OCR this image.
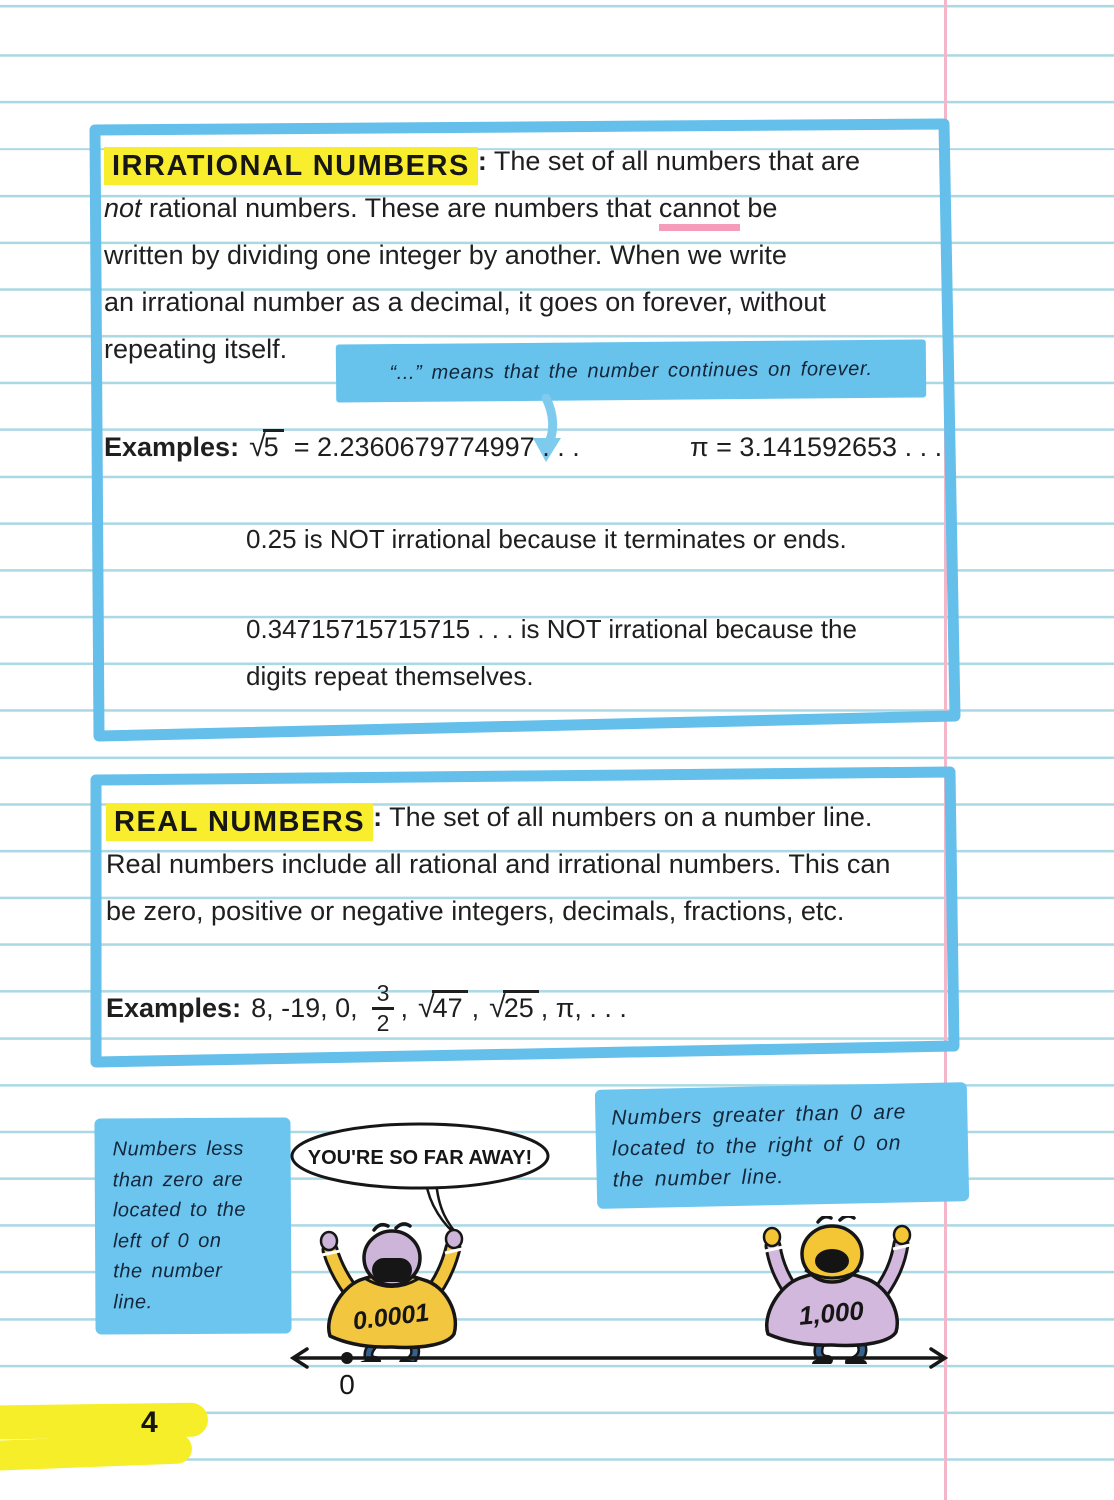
IRRATIONAL NUMBERS : The set of all numbers that are
not rational numbers. These are numbers that cannot be
written by dividing one integer by another. When we write
an irrational number as a decimal, it goes on forever, without
repeating itself.
“...” means that the number continues on forever.
Examples: √5 = 2.2360679774997 . . .	π = 3.141592653 . . .
0.25 is NOT irrational because it terminates or ends.
0.34715715715715 . . . is NOT irrational because the
digits repeat themselves.
REAL NUMBERS : The set of all numbers on a number line.
Real numbers include all rational and irrational numbers. This can
be zero, positive or negative integers, decimals, fractions, etc.
Examples: 8, -19, 0, $\frac{3}{2}$ , √47 , √25 , π, . . .
Numbers less
than zero are
located to the
left of 0 on
the number
line.
Numbers greater than 0 are
located to the right of 0 on
the number line.
YOU'RE SO FAR AWAY!
0.0001	1,000
0
4
